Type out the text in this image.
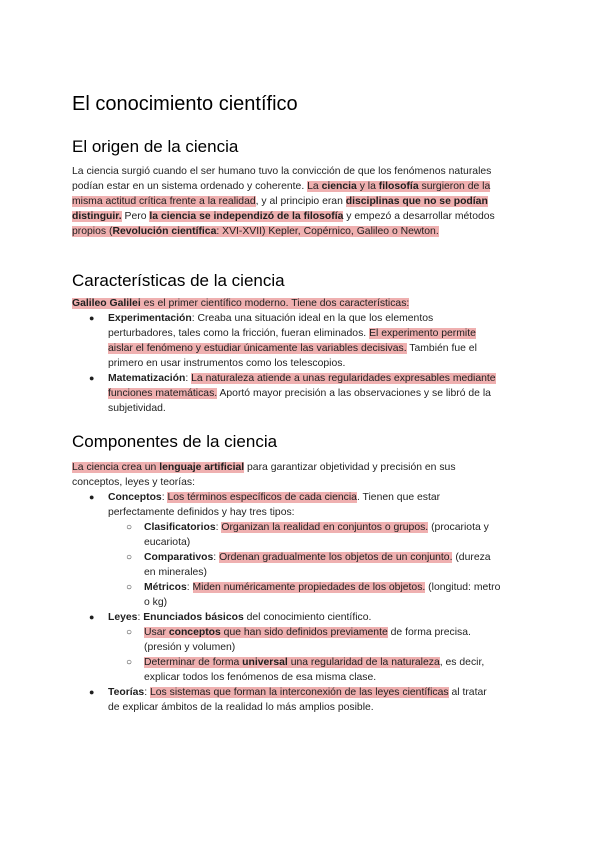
El conocimiento científico
El origen de la ciencia
La ciencia surgió cuando el ser humano tuvo la convicción de que los fenómenos naturales
podían estar en un sistema ordenado y coherente. La ciencia y la filosofía surgieron de la
misma actitud crítica frente a la realidad, y al principio eran disciplinas que no se podían
distinguir. Pero la ciencia se independizó de la filosofía y empezó a desarrollar métodos
propios (Revolución científica: XVI-XVII) Kepler, Copérnico, Galileo o Newton.
Características de la ciencia
Galileo Galilei es el primer científico moderno. Tiene dos características:
● Experimentación: Creaba una situación ideal en la que los elementos
perturbadores, tales como la fricción, fueran eliminados. El experimento permite
aislar el fenómeno y estudiar únicamente las variables decisivas. También fue el
primero en usar instrumentos como los telescopios.
● Matematización: La naturaleza atiende a unas regularidades expresables mediante
funciones matemáticas. Aportó mayor precisión a las observaciones y se libró de la
subjetividad.
Componentes de la ciencia
La ciencia crea un lenguaje artificial para garantizar objetividad y precisión en sus
conceptos, leyes y teorías:
● Conceptos: Los términos específicos de cada ciencia. Tienen que estar
perfectamente definidos y hay tres tipos:
○ Clasificatorios: Organizan la realidad en conjuntos o grupos. (procariota y
eucariota)
○ Comparativos: Ordenan gradualmente los objetos de un conjunto. (dureza
en minerales)
○ Métricos: Miden numéricamente propiedades de los objetos. (longitud: metro
o kg)
● Leyes: Enunciados básicos del conocimiento científico.
○ Usar conceptos que han sido definidos previamente de forma precisa.
(presión y volumen)
○ Determinar de forma universal una regularidad de la naturaleza, es decir,
explicar todos los fenómenos de esa misma clase.
● Teorías: Los sistemas que forman la interconexión de las leyes científicas al tratar
de explicar ámbitos de la realidad lo más amplios posible.
